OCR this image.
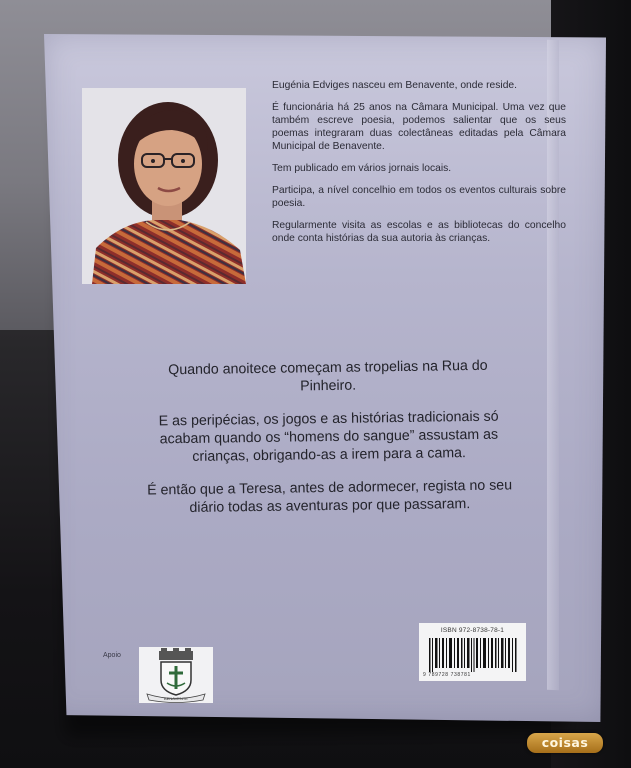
Eugénia Edviges nasceu em Benavente, onde reside.

É funcionária há 25 anos na Câmara Municipal. Uma vez que também escreve poesia, podemos salientar que os seus poemas integraram duas colectâneas editadas pela Câmara Municipal de Benavente.

Tem publicado em vários jornais locais.

Participa, a nível concelhio em todos os eventos culturais sobre poesia.

Regularmente visita as escolas e as bibliotecas do concelho onde conta histórias da sua autoria às crianças.

Quando anoitece começam as tropelias na Rua do Pinheiro.

E as peripécias, os jogos e as histórias tradicionais só acabam quando os “homens do sangue” assustam as crianças, obrigando-as a irem para a cama.

É então que a Teresa, antes de adormecer, regista no seu diário todas as aventuras por que passaram.

Apoio
BENAVENTE
ISBN 972-8738-78-1
9 789728 738781
coisas
